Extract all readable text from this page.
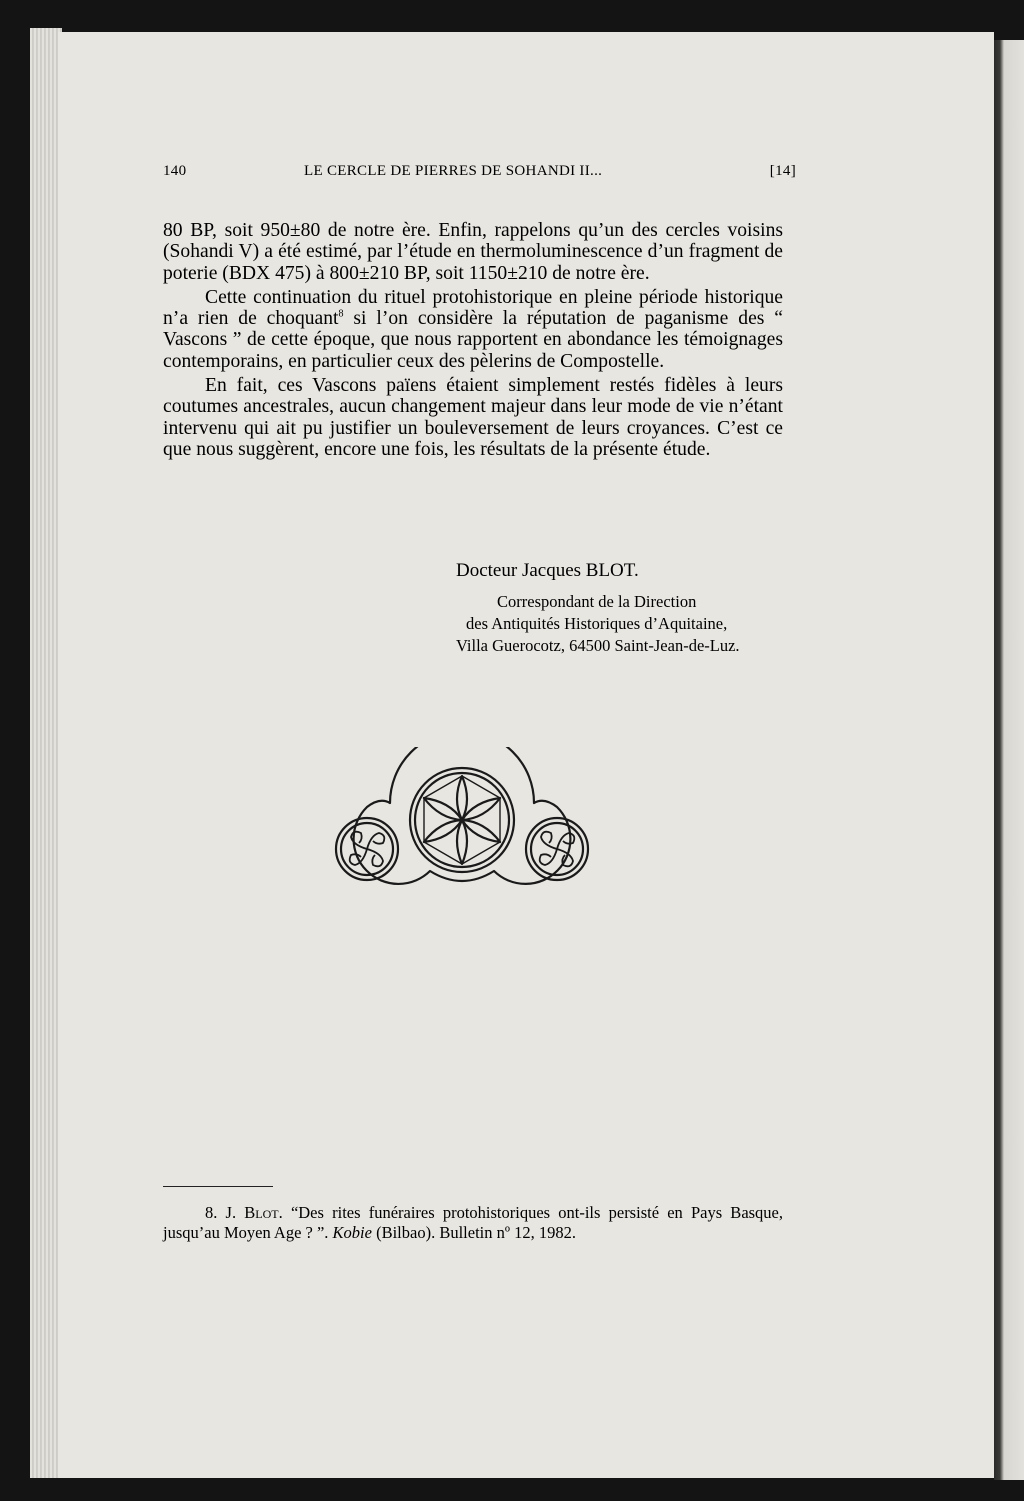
140	LE CERCLE DE PIERRES DE SOHANDI II...	[14]

80 BP, soit 950±80 de notre ère. Enfin, rappelons qu’un des cercles voisins (Sohandi V) a été estimé, par l’étude en thermoluminescence d’un fragment de poterie (BDX 475) à 800±210 BP, soit 1150±210 de notre ère.

Cette continuation du rituel protohistorique en pleine période historique n’a rien de choquant$^8$ si l’on considère la réputation de paganisme des “ Vascons ” de cette époque, que nous rapportent en abondance les témoignages contemporains, en particulier ceux des pèlerins de Compostelle.

En fait, ces Vascons païens étaient simplement restés fidèles à leurs coutumes ancestrales, aucun changement majeur dans leur mode de vie n’étant intervenu qui ait pu justifier un bouleversement de leurs croyances. C’est ce que nous suggèrent, encore une fois, les résultats de la présente étude.

Docteur Jacques BLOT.
Correspondant de la Direction
des Antiquités Historiques d’Aquitaine,
Villa Guerocotz, 64500 Saint-Jean-de-Luz.
8. J. Blot. “Des rites funéraires protohistoriques ont-ils persisté en Pays Basque, jusqu’au Moyen Age ? ”. Kobie (Bilbao). Bulletin nº 12, 1982.
